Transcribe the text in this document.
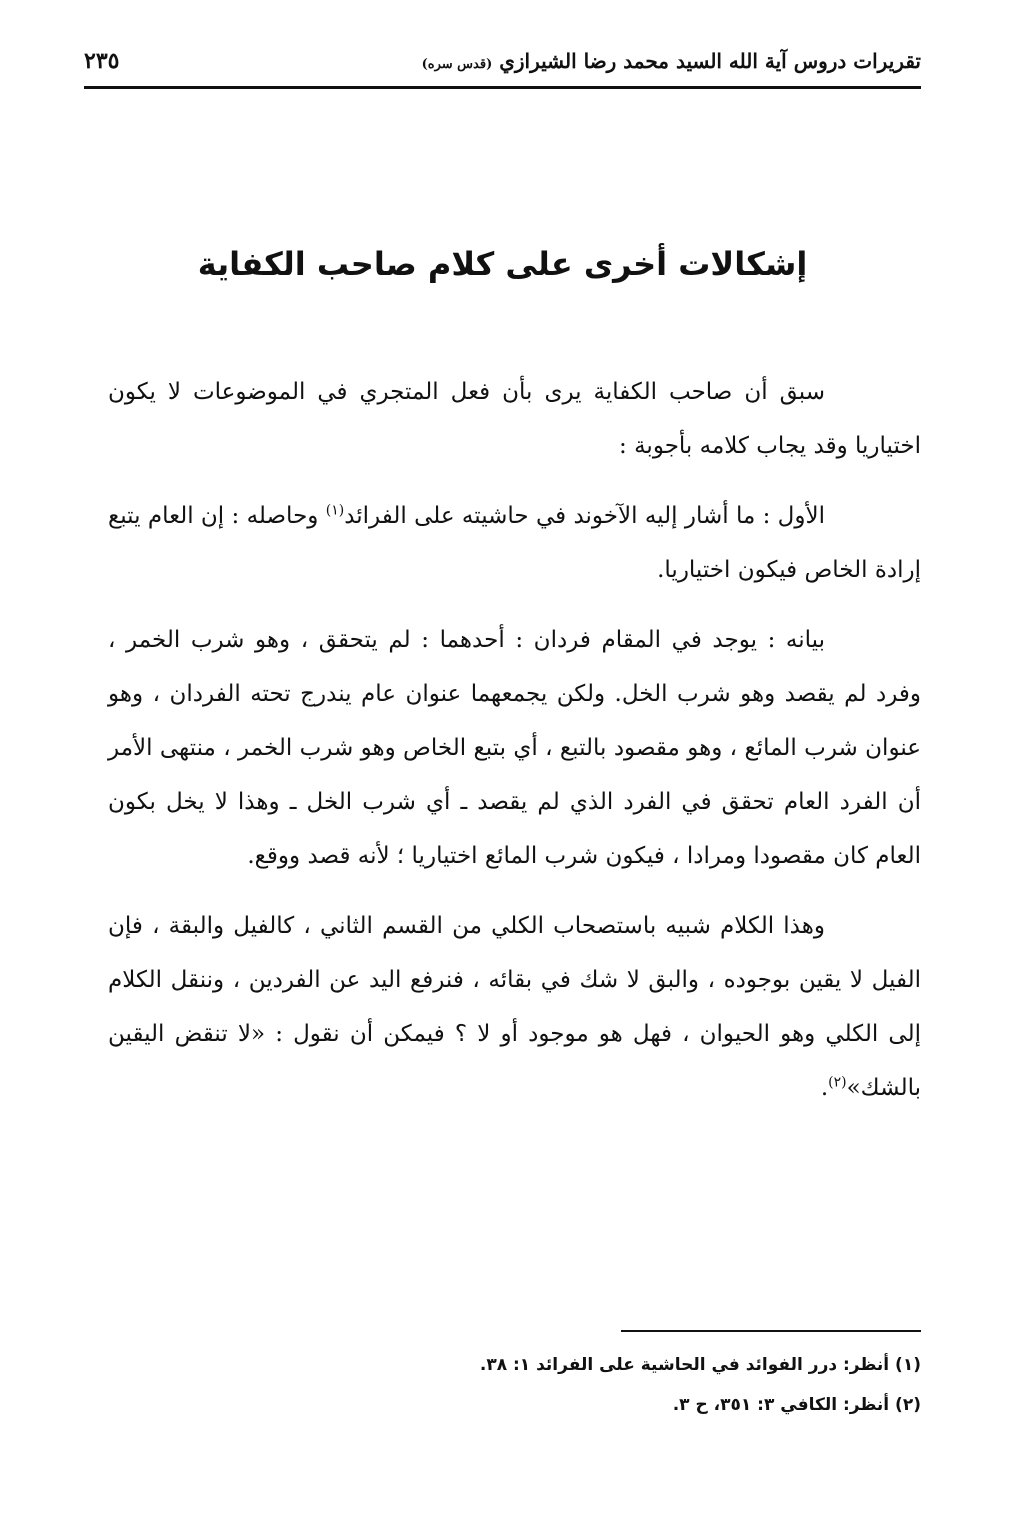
تقريرات دروس آية الله السيد محمد رضا الشيرازي (قدس سره)
٢٣٥
إشكالات أخرى على كلام صاحب الكفاية

سبق أن صاحب الكفاية يرى بأن فعل المتجري في الموضوعات لا يكون اختياريا وقد يجاب كلامه بأجوبة :

الأول : ما أشار إليه الآخوند في حاشيته على الفرائد$^{(١)}$ وحاصله : إن العام يتبع إرادة الخاص فيكون اختياريا.

بيانه : يوجد في المقام فردان : أحدهما : لم يتحقق ، وهو شرب الخمر ، وفرد لم يقصد وهو شرب الخل. ولكن يجمعهما عنوان عام يندرج تحته الفردان ، وهو عنوان شرب المائع ، وهو مقصود بالتبع ، أي بتبع الخاص وهو شرب الخمر ، منتهى الأمر أن الفرد العام تحقق في الفرد الذي لم يقصد ـ أي شرب الخل ـ وهذا لا يخل بكون العام كان مقصودا ومرادا ، فيكون شرب المائع اختياريا ؛ لأنه قصد ووقع.

وهذا الكلام شبيه باستصحاب الكلي من القسم الثاني ، كالفيل والبقة ، فإن الفيل لا يقين بوجوده ، والبق لا شك في بقائه ، فنرفع اليد عن الفردين ، وننقل الكلام إلى الكلي وهو الحيوان ، فهل هو موجود أو لا ؟ فيمكن أن نقول : «لا تنقض اليقين بالشك»$^{(٢)}$.

(١) أنظر: درر الفوائد في الحاشية على الفرائد ١: ٣٨.
(٢) أنظر: الكافي ٣: ٣٥١، ح ٣.
